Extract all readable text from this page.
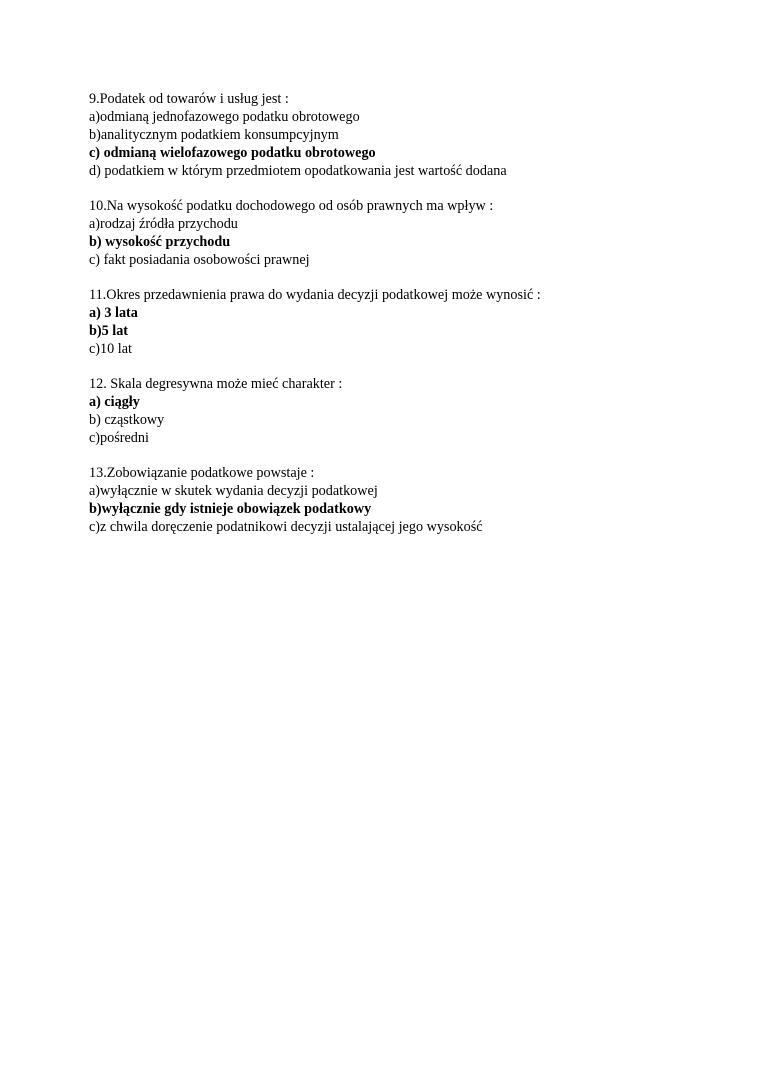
9.Podatek od towarów i usług jest :
a)odmianą jednofazowego podatku obrotowego
b)analitycznym podatkiem konsumpcyjnym
c) odmianą wielofazowego podatku obrotowego
d) podatkiem w którym przedmiotem opodatkowania jest wartość dodana
10.Na wysokość podatku dochodowego od osób prawnych ma wpływ :
a)rodzaj źródła przychodu
b) wysokość przychodu
c) fakt posiadania osobowości prawnej
11.Okres przedawnienia prawa do wydania decyzji podatkowej może wynosić :
a) 3 lata
b)5 lat
c)10 lat
12. Skala degresywna może mieć charakter :
a) ciągły
b) cząstkowy
c)pośredni
13.Zobowiązanie podatkowe powstaje :
a)wyłącznie w skutek wydania decyzji podatkowej
b)wyłącznie gdy istnieje obowiązek podatkowy
c)z chwila doręczenie podatnikowi decyzji ustalającej jego wysokość
